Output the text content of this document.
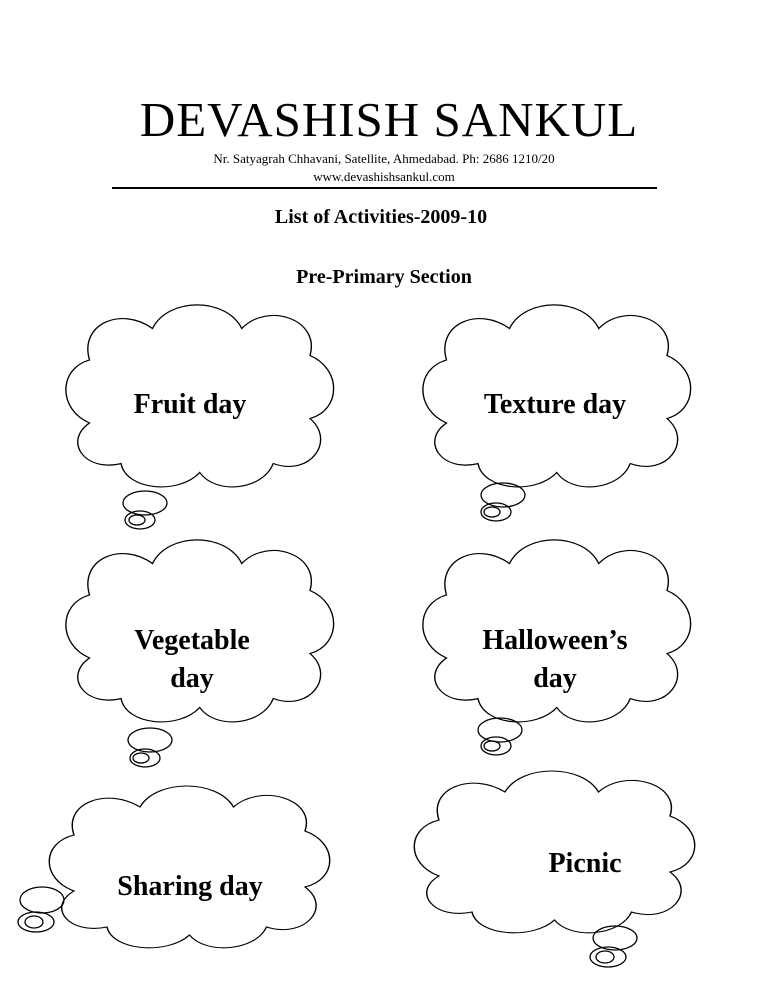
DEVASHISH SANKUL
Nr. Satyagrah Chhavani, Satellite, Ahmedabad. Ph: 2686 1210/20
www.devashishsankul.com
List of Activities-2009-10
Pre-Primary Section
Fruit day	Texture day
Vegetable
day
Halloween’s
day
Sharing day
Picnic
